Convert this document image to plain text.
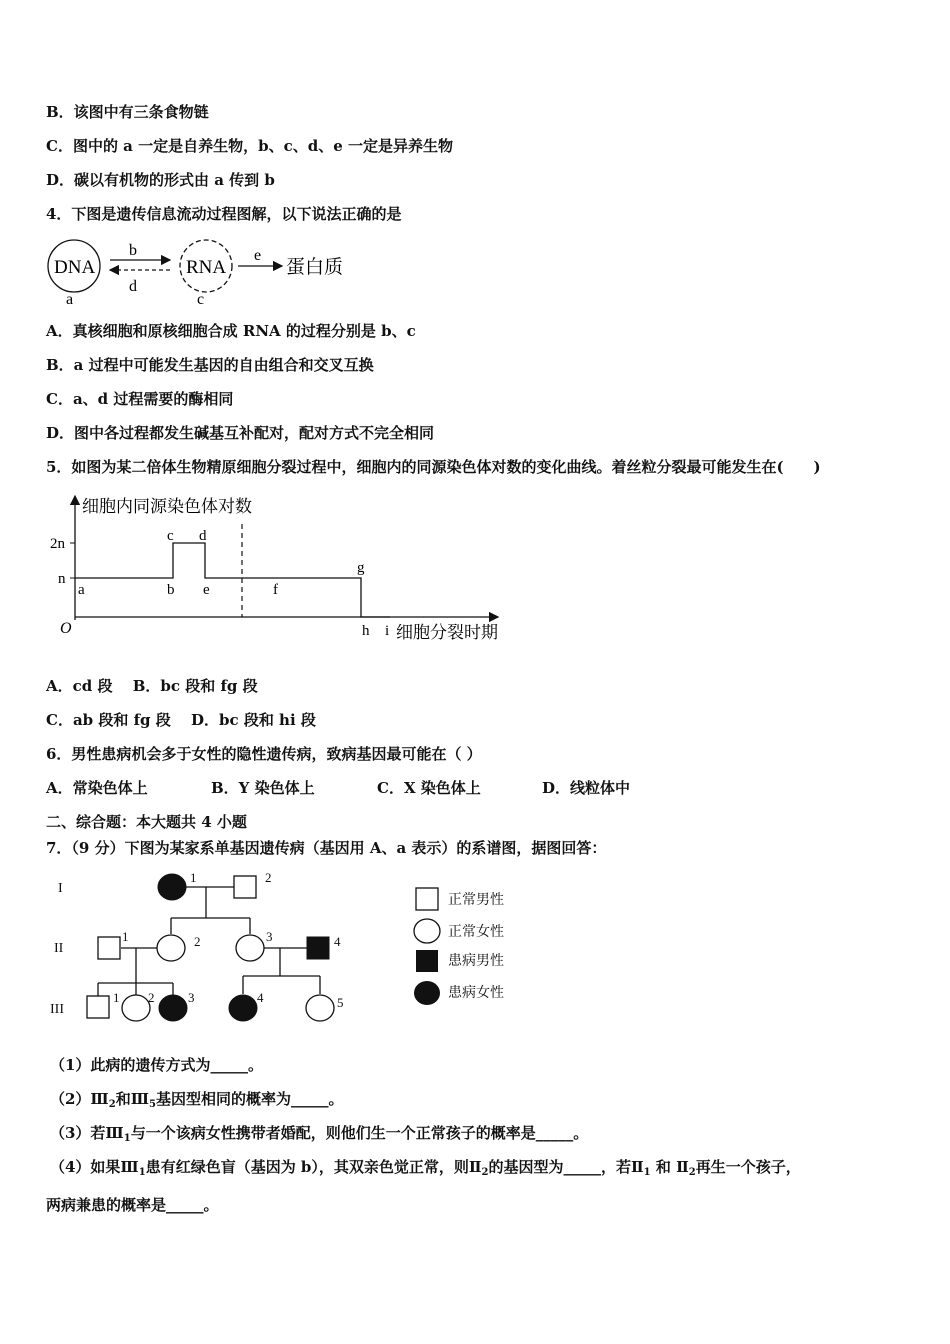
B．该图中有三条食物链
C．图中的 a 一定是自养生物，b、c、d、e 一定是异养生物
D．碳以有机物的形式由 a 传到 b
4．下图是遗传信息流动过程图解，以下说法正确的是
DNA
a
b
d
RNA
c
e
蛋白质
A．真核细胞和原核细胞合成 RNA 的过程分别是 b、c
B．a 过程中可能发生基因的自由组合和交叉互换
C．a、d 过程需要的酶相同
D．图中各过程都发生碱基互补配对，配对方式不完全相同
5．如图为某二倍体生物精原细胞分裂过程中，细胞内的同源染色体对数的变化曲线。着丝粒分裂最可能发生在(　　)
细胞内同源染色体对数
细胞分裂时期
O
2n
n
a	b
c d
e	f
g
h i
A．cd 段　 B．bc 段和 fg 段
C．ab 段和 fg 段　 D．bc 段和 hi 段
6．男性患病机会多于女性的隐性遗传病，致病基因最可能在（ ）
A．常染色体上	B．Y 染色体上	C．X 染色体上	D．线粒体中
二、综合题：本大题共 4 小题
7．（9 分）下图为某家系单基因遗传病（基因用 A、a 表示）的系谱图，据图回答：
I
II
III
1	2
1	2	3	4
1 2	3	4	5
正常男性
正常女性
患病男性
患病女性
（1）此病的遗传方式为_____。
$(2)Ⅲ_2$和$Ⅲ_5$基因型相同的概率为_____。
（3）若$Ⅲ_1$与一个该病女性携带者婚配，则他们生一个正常孩子的概率是_____。
（4）如果$Ⅲ_1$患有红绿色盲（基因为 b），其双亲色觉正常，则$Ⅱ_2$的基因型为_____，若$Ⅱ_1$ 和 $Ⅱ_2$再生一个孩子，
两病兼患的概率是_____。
